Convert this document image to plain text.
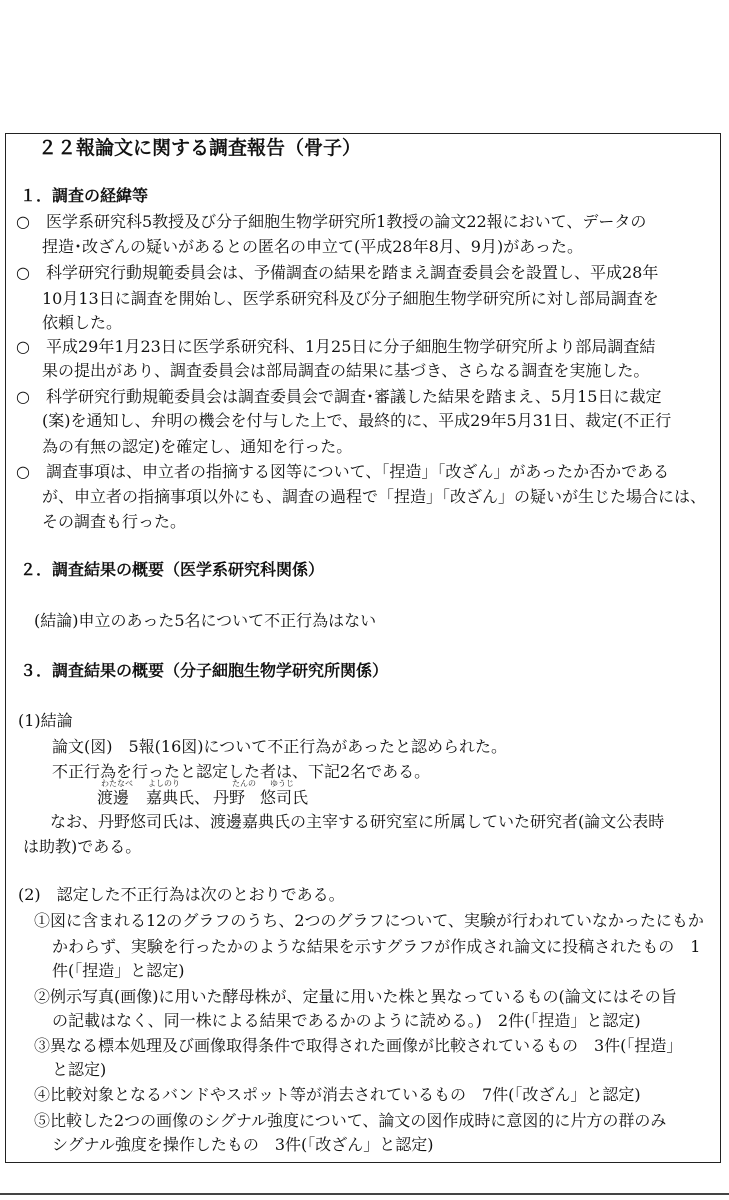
２２報論文に関する調査報告（骨子）
１．調査の経緯等
○　医学系研究科5教授及び分子細胞生物学研究所1教授の論文22報において、データの
捏造･改ざんの疑いがあるとの匿名の申立て(平成28年8月、9月)があった。
○　科学研究行動規範委員会は、予備調査の結果を踏まえ調査委員会を設置し、平成28年
10月13日に調査を開始し、医学系研究科及び分子細胞生物学研究所に対し部局調査を
依頼した。
○　平成29年1月23日に医学系研究科、1月25日に分子細胞生物学研究所より部局調査結
果の提出があり、調査委員会は部局調査の結果に基づき、さらなる調査を実施した。
○　科学研究行動規範委員会は調査委員会で調査･審議した結果を踏まえ、5月15日に裁定
(案)を通知し、弁明の機会を付与した上で、最終的に、平成29年5月31日、裁定(不正行
為の有無の認定)を確定し、通知を行った。
○　調査事項は、申立者の指摘する図等について、「捏造」「改ざん」があったか否かである
が、申立者の指摘事項以外にも、調査の過程で「捏造」「改ざん」の疑いが生じた場合には、
その調査も行った。
２．調査結果の概要（医学系研究科関係）
(結論)申立のあった5名について不正行為はない
３．調査結果の概要（分子細胞生物学研究所関係）
(1)結論
論文(図)　5報(16図)について不正行為があったと認められた。
不正行為を行ったと認定した者は、下記2名である。
わたなべ よしのり	たんの ゆうじ
渡邊 嘉典氏、 丹野 悠司氏
なお、丹野悠司氏は、渡邊嘉典氏の主宰する研究室に所属していた研究者(論文公表時
は助教)である。
(2)　認定した不正行為は次のとおりである。
①図に含まれる12のグラフのうち、2つのグラフについて、実験が行われていなかったにもか
かわらず、実験を行ったかのような結果を示すグラフが作成され論文に投稿されたもの　1
件(「捏造」と認定)
②例示写真(画像)に用いた酵母株が、定量に用いた株と異なっているもの(論文にはその旨
の記載はなく、同一株による結果であるかのように読める。)　2件(「捏造」と認定)
③異なる標本処理及び画像取得条件で取得された画像が比較されているもの　3件(「捏造」
と認定)
④比較対象となるバンドやスポット等が消去されているもの　7件(「改ざん」と認定)
⑤比較した2つの画像のシグナル強度について、論文の図作成時に意図的に片方の群のみ
シグナル強度を操作したもの　3件(「改ざん」と認定)
